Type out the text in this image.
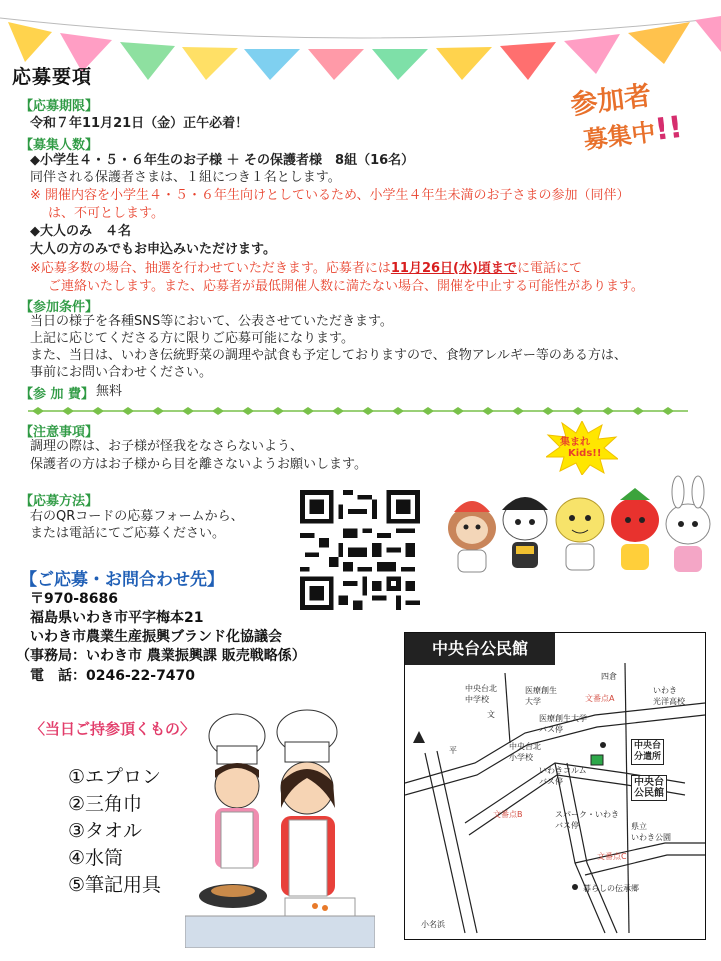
応募要項
参加者
募集中!!
【応募期限】
令和７年11月21日（金）正午必着！
【募集人数】
◆小学生４・５・６年生のお子様 ＋ その保護者様　8組（16名）
同伴される保護者さまは、１組につき１名とします。
※ 開催内容を小学生４・５・６年生向けとしているため、小学生４年生未満のお子さまの参加（同伴）
は、不可とします。
◆大人のみ　４名
大人の方のみでもお申込みいただけます。
※応募多数の場合、抽選を行わせていただきます。応募者には11月26日(水)頃までに電話にて
ご連絡いたします。また、応募者が最低開催人数に満たない場合、開催を中止する可能性があります。
【参加条件】
当日の様子を各種SNS等において、公表させていただきます。
上記に応じてくださる方に限りご応募可能になります。
また、当日は、いわき伝統野菜の調理や試食も予定しておりますので、食物アレルギー等のある方は、
事前にお問い合わせください。
【参 加 費】 無料
【注意事項】
調理の際は、お子様が怪我をなさらないよう、
保護者の方はお子様から目を離さないようお願いします。
集まれ
Kids!!
【応募方法】
右のQRコードの応募フォームから、
または電話にてご応募ください。
【ご応募・お問合わせ先】
〒970-8686
福島県いわき市平字梅本21
いわき市農業生産振興ブランド化協議会
（事務局：いわき市 農業振興課 販売戦略係）
電　話：0246-22-7470
〈当日ご持参頂くもの〉
①エプロン
②三角巾
③タオル
④水筒
⑤筆記用具
中央台公民館
中央台北
中学校
文
医療創生
大学	文番点A
四倉
いわき
光洋高校
平
医療創生大学
バス停
中央台北
小学校
いわきコルム
バス停
文番点B	スパーク・いわき
バス停	県立
いわき公園
文番点C
暮らしの伝承郷
小名浜
中央台
分遣所
中央台
公民館
